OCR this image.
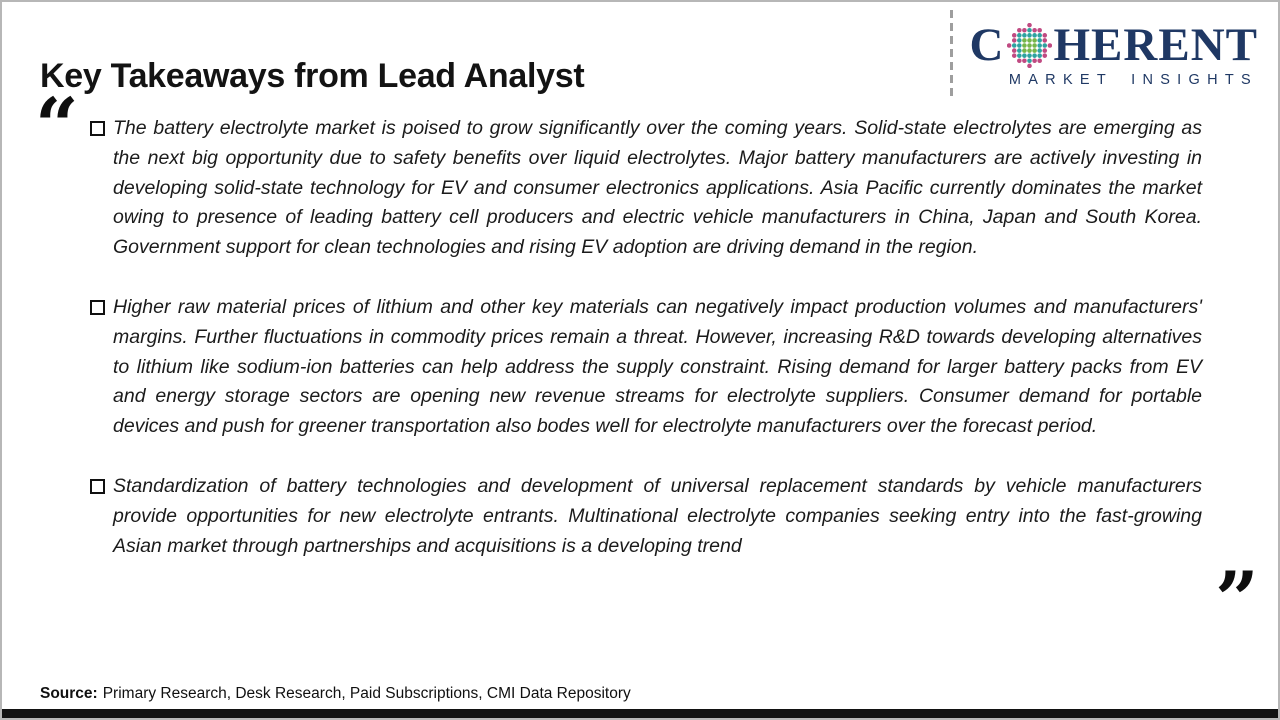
Key Takeaways from Lead Analyst
C HERENT
MARKET INSIGHTS
“
”
The battery electrolyte market is poised to grow significantly over the coming years. Solid-state electrolytes are emerging as the next big opportunity due to safety benefits over liquid electrolytes. Major battery manufacturers are actively investing in developing solid-state technology for EV and consumer electronics applications. Asia Pacific currently dominates the market owing to presence of leading battery cell producers and electric vehicle manufacturers in China, Japan and South Korea. Government support for clean technologies and rising EV adoption are driving demand in the region.
Higher raw material prices of lithium and other key materials can negatively impact production volumes and manufacturers' margins. Further fluctuations in commodity prices remain a threat. However, increasing R&D towards developing alternatives to lithium like sodium-ion batteries can help address the supply constraint. Rising demand for larger battery packs from EV and energy storage sectors are opening new revenue streams for electrolyte suppliers. Consumer demand for portable devices and push for greener transportation also bodes well for electrolyte manufacturers over the forecast period.
Standardization of battery technologies and development of universal replacement standards by vehicle manufacturers provide opportunities for new electrolyte entrants. Multinational electrolyte companies seeking entry into the fast-growing Asian market through partnerships and acquisitions is a developing trend
Source: Primary Research, Desk Research, Paid Subscriptions, CMI Data Repository
